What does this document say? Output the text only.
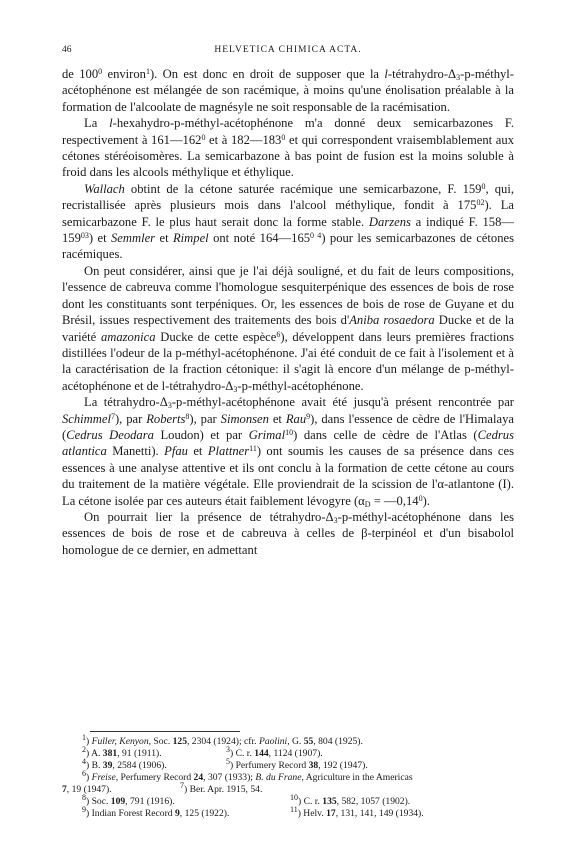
46	HELVETICA CHIMICA ACTA.

de $100^0$ environ$^1$). On est donc en droit de supposer que la $l-tétrahydro-\Delta_3-p-méthyl$-acétophénone est mélangée de son racémique, à moins qu'une énolisation préalable à la formation de l'alcoolate de magnésyle ne soit responsable de la racémisation.

La l-hexahydro-p-méthyl-acétophénone m'a donné deux semicarbazones F. respectivement à $161—162^0$ et à $182—183^0$ et qui correspondent vraisemblablement aux cétones stéréoisomères. La semicarbazone à bas point de fusion est la moins soluble à froid dans les alcools méthylique et éthylique.

Wallach obtint de la cétone saturée racémique une semicarbazone, F. $159^0$, qui, recristallisée après plusieurs mois dans l'alcool méthylique, fondit à $175^{02}$). La semicarbazone F. le plus haut serait donc la forme stable. Darzens a indiqué F. $158—159^{03}$) et Semmler et Rimpel ont noté $164—165^{0 4}$) pour les semicarbazones de cétones racémiques.

On peut considérer, ainsi que je l'ai déjà souligné, et du fait de leurs compositions, l'essence de cabreuva comme l'homologue sesquiterpénique des essences de bois de rose dont les constituants sont terpéniques. Or, les essences de bois de rose de Guyane et du Brésil, issues respectivement des traitements des bois d'Aniba rosaedora Ducke et de la variété amazonica Ducke de cette espèce$^6$), développent dans leurs premières fractions distillées l'odeur de la p-méthyl-acétophénone. J'ai été conduit de ce fait à l'isolement et à la caractérisation de la fraction cétonique: il s'agit là encore d'un mélange de p-méthyl-acétophénone et de $l-tétrahydro-\Delta_3-p-méthyl$-acétophénone.

La tétrahydro-$\Delta_3-p-méthyl$-acétophénone avait été jusqu'à présent rencontrée par Schimmel$^7$), par Roberts$^8$), par Simonsen et Rau$^9$), dans l'essence de cèdre de l'Himalaya (Cedrus Deodara Loudon) et par Grimal$^{10}$) dans celle de cèdre de l'Atlas (Cedrus atlantica Manetti). Pfau et Plattner$^{11}$) ont soumis les causes de sa présence dans ces essences à une analyse attentive et ils ont conclu à la formation de cette cétone au cours du traitement de la matière végétale. Elle proviendrait de la scission de l'α-atlantone (I). La cétone isolée par ces auteurs était faiblement lévogyre ($\alpha_D$ = $—0,14^0$).

On pourrait lier la présence de tétrahydro-$\Delta_3-p-méthyl$-acétophénone dans les essences de bois de rose et de cabreuva à celles de β-terpinéol et d'un bisabolol homologue de ce dernier, en admettant

$^1$) Fuller, Kenyon, Soc. 125, 2304 (1924); cfr. Paolini, G. 55, 804 (1925).
$^2$) A. 381, 91 (1911).	$^3$) C. r. 144, 1124 (1907).
$^4$) B. 39, 2584 (1906).	$^5$) Perfumery Record 38, 192 (1947).
$^6$) Freise, Perfumery Record 24, 307 (1933); B. du Frane, Agriculture in the Americas
7, 19 (1947).	$^7$) Ber. Apr. 1915, 54.
$^8$) Soc. 109, 791 (1916).	$^{10}$) C. r. 135, 582, 1057 (1902).
$^9$) Indian Forest Record 9, 125 (1922).	$^{11}$) Helv. 17, 131, 141, 149 (1934).
